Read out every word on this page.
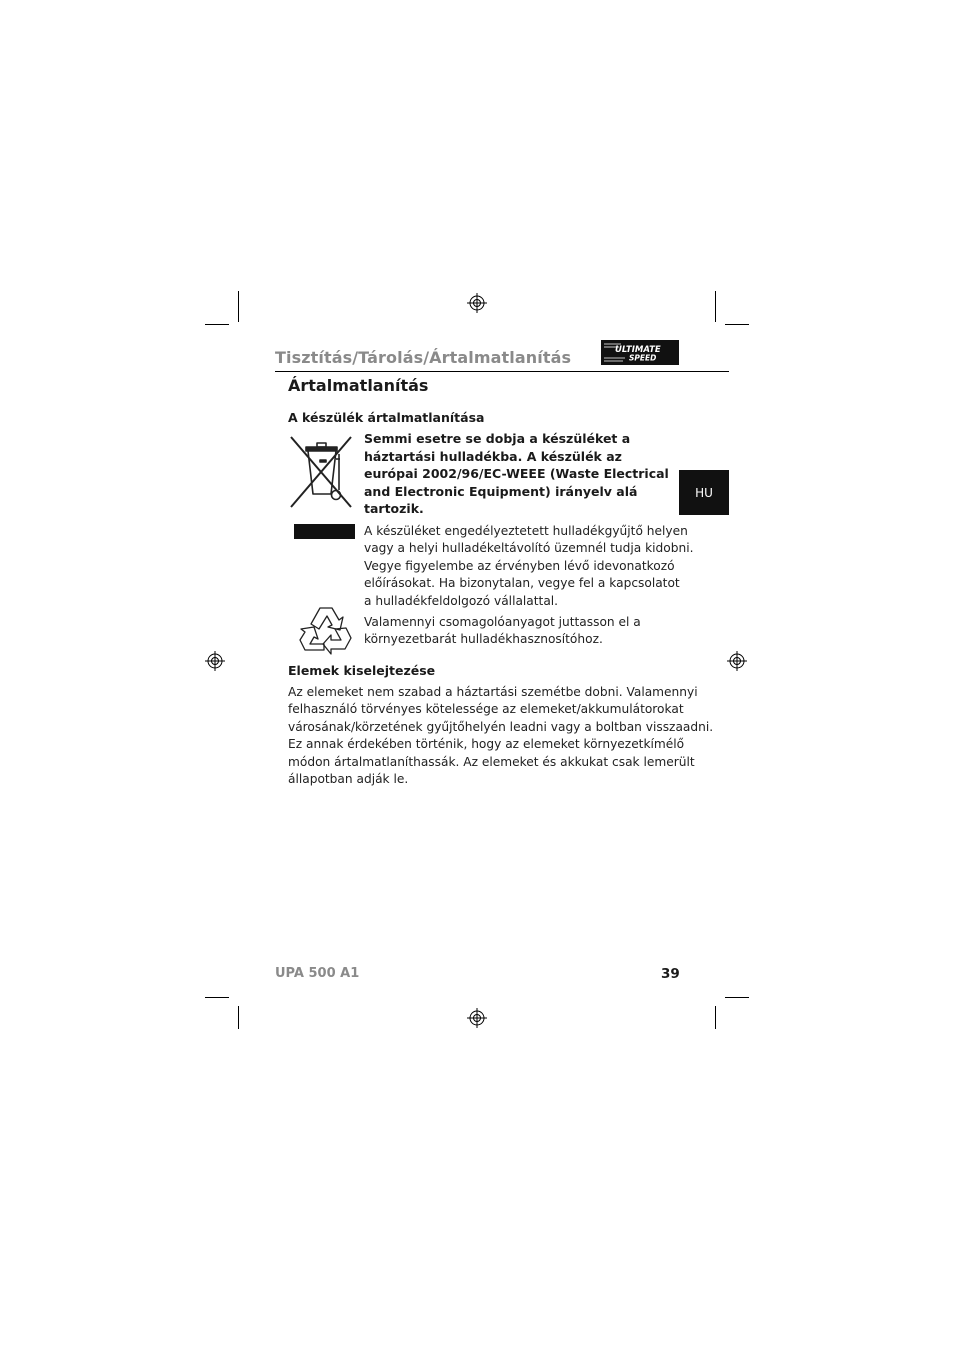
Tisztítás/Tárolás/Ártalmatlanítás	ULTIMATE
SPEED
Ártalmatlanítás
A készülék ártalmatlanítása
Semmi esetre se dobja a készüléket a
háztartási hulladékba. A készülék az
európai 2002/96/EC-WEEE (Waste Electrical
and Electronic Equipment) irányelv alá
tartozik.
A készüléket engedélyeztetett hulladékgyűjtő helyen
vagy a helyi hulladékeltávolító üzemnél tudja kidobni.
Vegye figyelembe az érvényben lévő idevonatkozó
előírásokat. Ha bizonytalan, vegye fel a kapcsolatot
a hulladékfeldolgozó vállalattal.
Valamennyi csomagolóanyagot juttasson el a
környezetbarát hulladékhasznosítóhoz.
Elemek kiselejtezése
Az elemeket nem szabad a háztartási szemétbe dobni. Valamennyi
felhasználó törvényes kötelessége az elemeket/akkumulátorokat
városának/körzetének gyűjtőhelyén leadni vagy a boltban visszaadni.
Ez annak érdekében történik, hogy az elemeket környezetkímélő
módon ártalmatlaníthassák. Az elemeket és akkukat csak lemerült
állapotban adják le.
HU
UPA 500 A1	39
